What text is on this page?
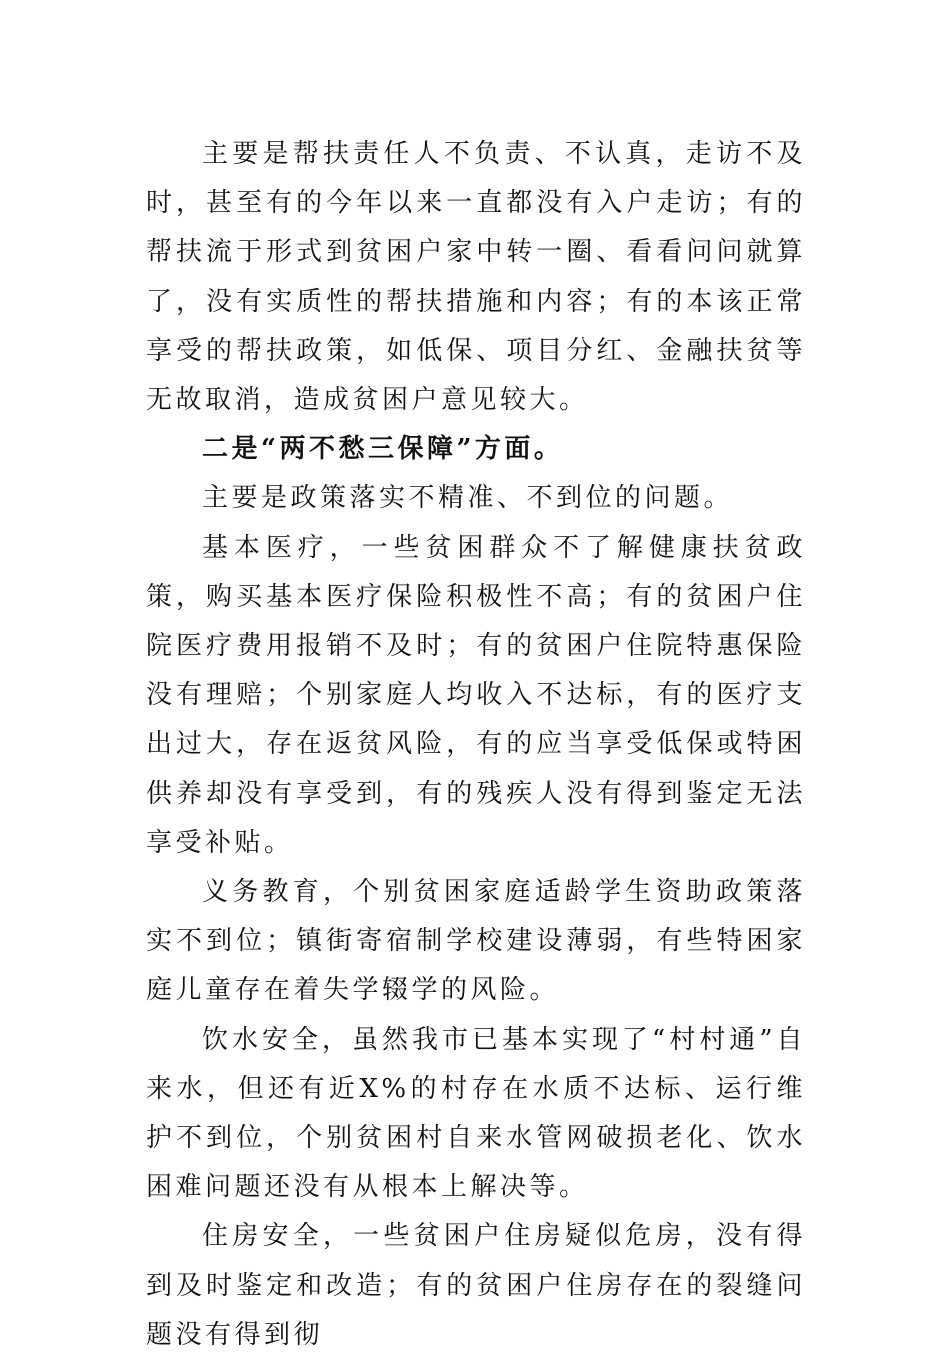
主要是帮扶责任人不负责、不认真，走访不及时，甚至有的今年以来一直都没有入户走访；有的帮扶流于形式到贫困户家中转一圈、看看问问就算了，没有实质性的帮扶措施和内容；有的本该正常享受的帮扶政策，如低保、项目分红、金融扶贫等无故取消，造成贫困户意见较大。

二是“两不愁三保障”方面。

主要是政策落实不精准、不到位的问题。

基本医疗，一些贫困群众不了解健康扶贫政策，购买基本医疗保险积极性不高；有的贫困户住院医疗费用报销不及时；有的贫困户住院特惠保险没有理赔；个别家庭人均收入不达标，有的医疗支出过大，存在返贫风险，有的应当享受低保或特困供养却没有享受到，有的残疾人没有得到鉴定无法享受补贴。

义务教育，个别贫困家庭适龄学生资助政策落实不到位；镇街寄宿制学校建设薄弱，有些特困家庭儿童存在着失学辍学的风险。

饮水安全，虽然我市已基本实现了“村村通”自来水，但还有近X%的村存在水质不达标、运行维护不到位，个别贫困村自来水管网破损老化、饮水困难问题还没有从根本上解决等。

住房安全，一些贫困户住房疑似危房，没有得到及时鉴定和改造；有的贫困户住房存在的裂缝问题没有得到彻
